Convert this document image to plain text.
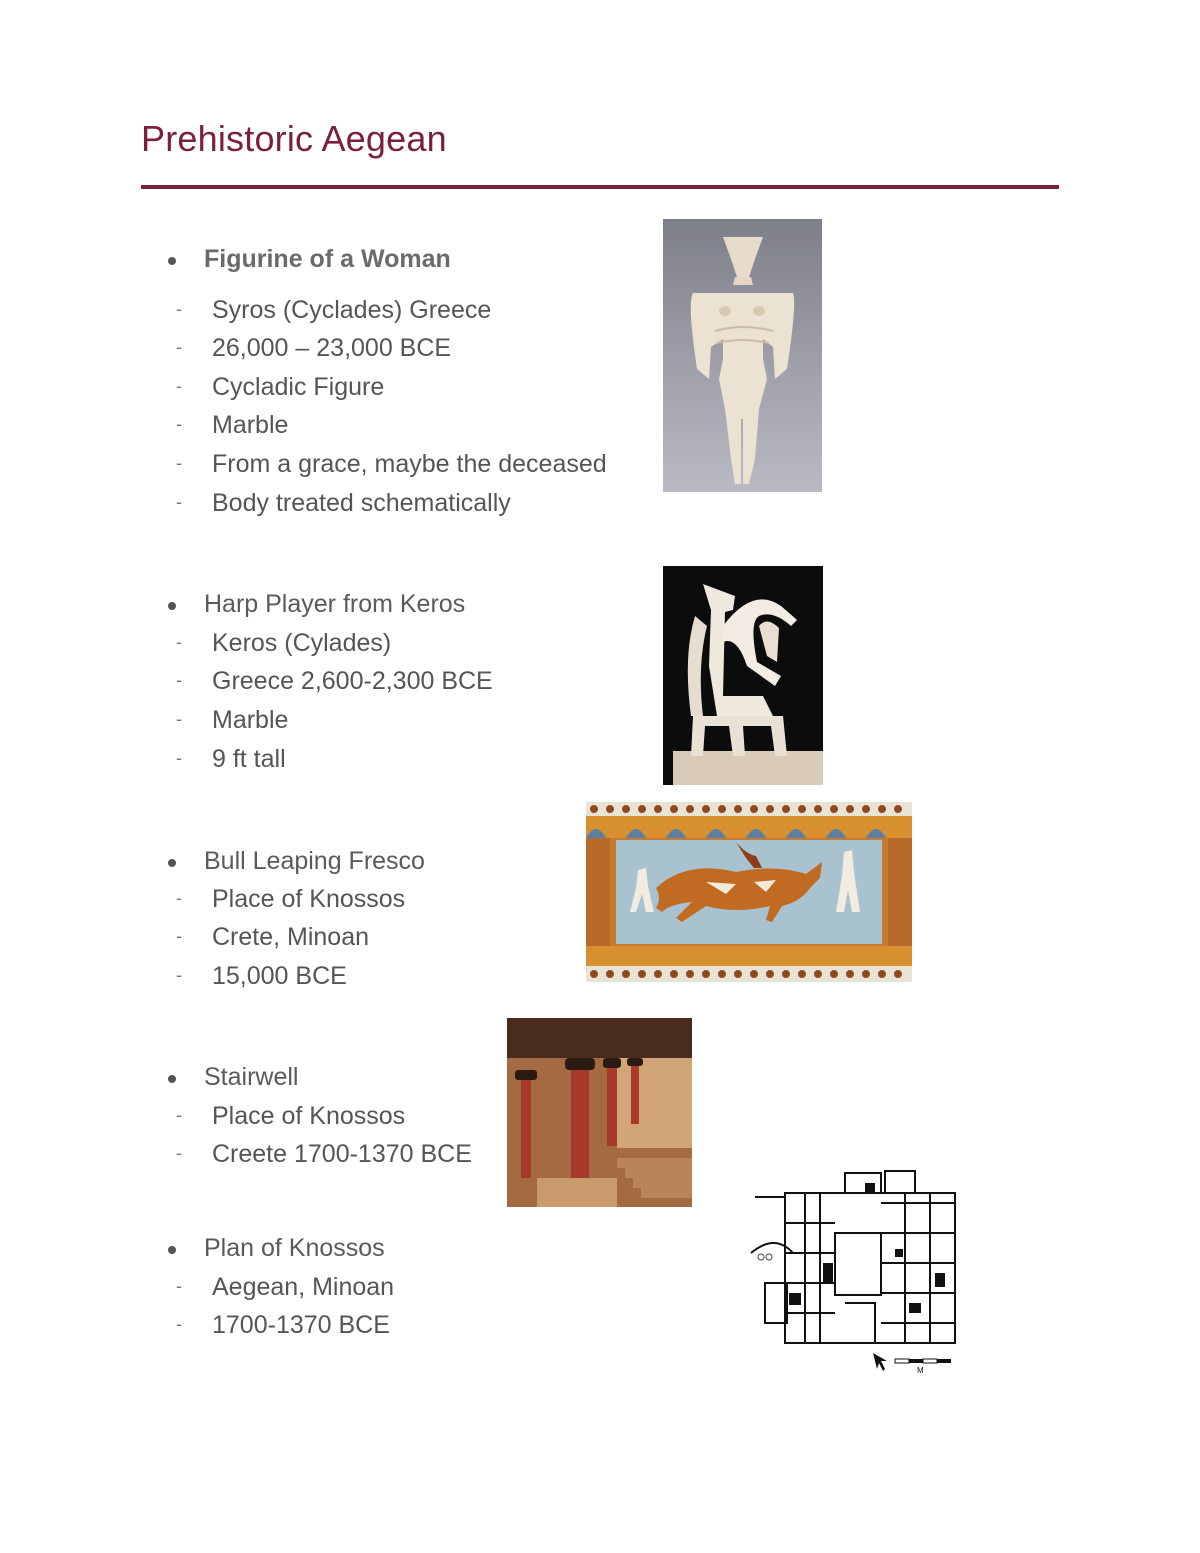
Prehistoric Aegean
Figurine of a Woman
- Syros (Cyclades) Greece
- 26,000 – 23,000 BCE
- Cycladic Figure
- Marble
- From a grace, maybe the deceased
- Body treated schematically
Harp Player from Keros
- Keros (Cylades)
- Greece 2,600-2,300 BCE
- Marble
- 9 ft tall
Bull Leaping Fresco
- Place of Knossos
- Crete, Minoan
- 15,000 BCE
Stairwell
- Place of Knossos
- Creete 1700-1370 BCE
Plan of Knossos
- Aegean, Minoan
- 1700-1370 BCE
M
